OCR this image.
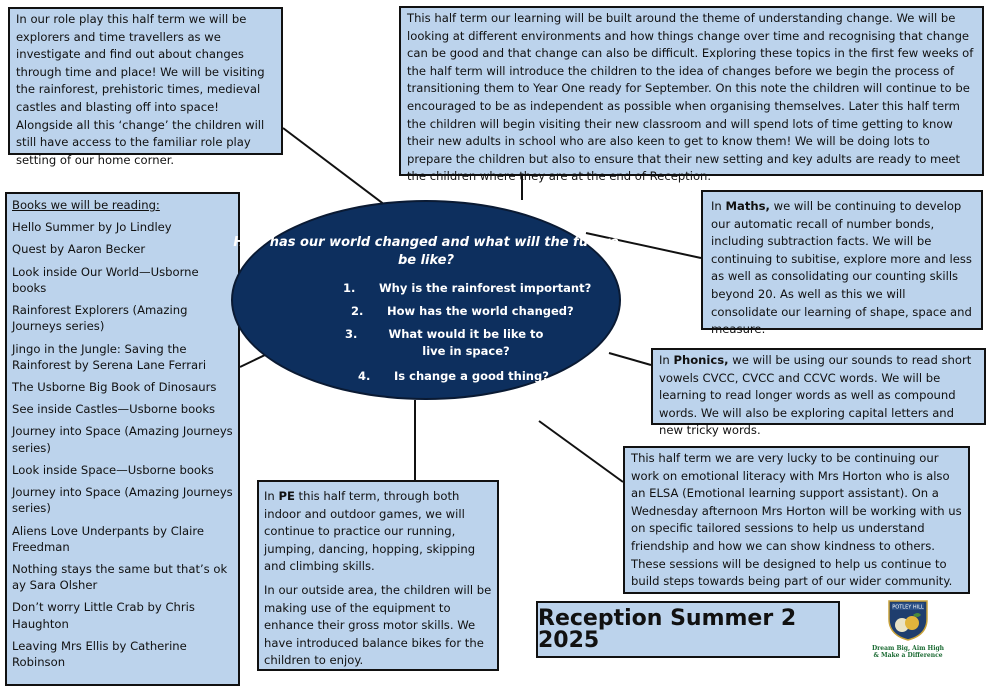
In our role play this half term we will be explorers and time travellers as we investigate and find out about changes through time and place! We will be visiting the rainforest, prehistoric times, medieval castles and blasting off into space! Alongside all this ‘change’ the children will still have access to the familiar role play setting of our home corner.

This half term our learning will be built around the theme of understanding change. We will be looking at different environments and how things change over time and recognising that change can be good and that change can also be difficult. Exploring these topics in the first few weeks of the half term will introduce the children to the idea of changes before we begin the process of transitioning them to Year One ready for September. On this note the children will continue to be encouraged to be as independent as possible when organising themselves. Later this half term the children will begin visiting their new classroom and will spend lots of time getting to know their new adults in school who are also keen to get to know them! We will be doing lots to prepare the children but also to ensure that their new setting and key adults are ready to meet the children where they are at the end of Reception.

Books we will be reading:

Hello Summer by Jo Lindley

Quest by Aaron Becker

Look inside Our World—Usborne books

Rainforest Explorers (Amazing Journeys series)

Jingo in the Jungle: Saving the Rainforest by Serena Lane Ferrari

The Usborne Big Book of Dinosaurs

See inside Castles—Usborne books

Journey into Space (Amazing Journeys series)

Look inside Space—Usborne books

Journey into Space (Amazing Journeys series)

Aliens Love Underpants by Claire Freedman

Nothing stays the same but that’s ok ay Sara Olsher

Don’t worry Little Crab by Chris Haughton

Leaving Mrs Ellis by Catherine Robinson

In Maths, we will be continuing to develop our automatic recall of number bonds, including subtraction facts. We will be continuing to subitise, explore more and less as well as consolidating our counting skills beyond 20. As well as this we will consolidate our learning of shape, space and measure.

In Phonics, we will be using our sounds to read short vowels CVCC, CVCC and CCVC words. We will be learning to read longer words as well as compound words. We will also be exploring capital letters and new tricky words.

In PE this half term, through both indoor and outdoor games, we will continue to practice our running, jumping, dancing, hopping, skipping and climbing skills.

In our outside area, the children will be making use of the equipment to enhance their gross motor skills. We have introduced balance bikes for the children to enjoy.

This half term we are very lucky to be continuing our work on emotional literacy with Mrs Horton who is also an ELSA (Emotional learning support assistant). On a Wednesday afternoon Mrs Horton will be working with us on specific tailored sessions to help us understand friendship and how we can show kindness to others. These sessions will be designed to help us continue to build steps towards being part of our wider community.

Reception Summer 2 2025
How has our world changed and what will the future be like?
1. Why is the rainforest important?
2. How has the world changed?
3.	What would it be like to live in space?
4. Is change a good thing?
POTLEY HILL
Dream Big, Aim High
& Make a Difference
